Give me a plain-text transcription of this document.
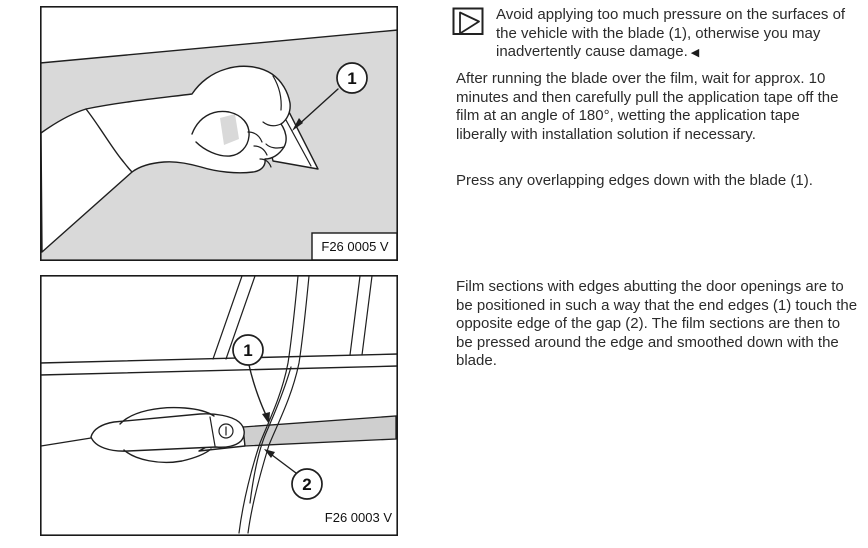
1
F26 0005 V
1
2
F26 0003 V

Avoid applying too much pressure on the surfaces of the vehicle with the blade (1), otherwise you may inadvertently cause damage. ◀

After running the blade over the film, wait for approx. 10 minutes and then carefully pull the application tape off the film at an angle of 180°, wetting the application tape liberally with installation solution if necessary.

Press any overlapping edges down with the blade (1).

Film sections with edges abutting the door openings are to be positioned in such a way that the end edges (1) touch the opposite edge of the gap (2). The film sections are then to be pressed around the edge and smoothed down with the blade.
